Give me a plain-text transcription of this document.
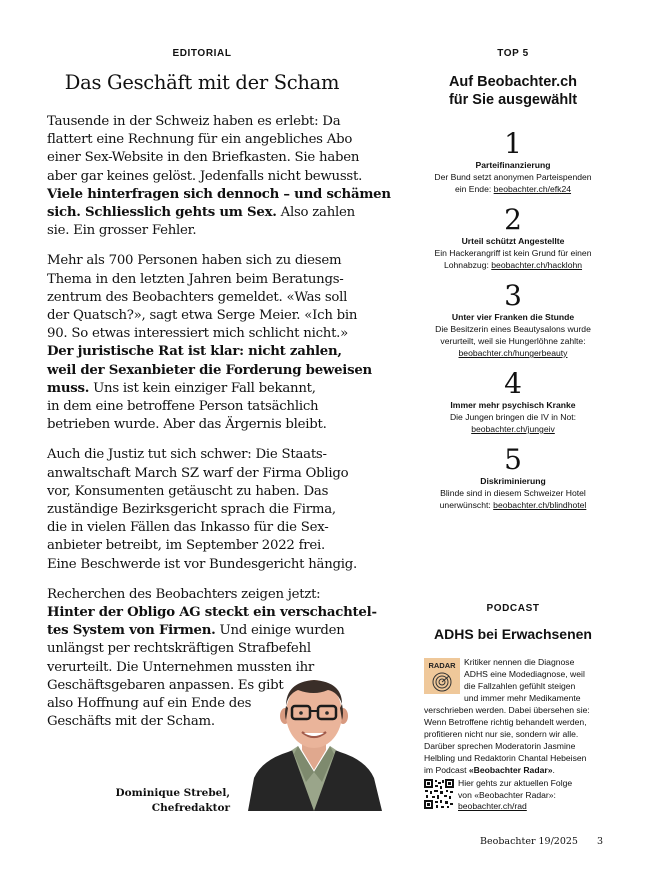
EDITORIAL
Das Geschäft mit der Scham
Tausende in der Schweiz haben es erlebt: Da
flattert eine Rechnung für ein angebliches Abo
einer Sex-Website in den Briefkasten. Sie haben
aber gar keines gelöst. Jedenfalls nicht bewusst.
Viele hinterfragen sich dennoch – und schämen
sich. Schliesslich gehts um Sex. Also zahlen
sie. Ein grosser Fehler.
Mehr als 700 Personen haben sich zu diesem
Thema in den letzten Jahren beim Beratungs-
zentrum des Beobachters gemeldet. «Was soll
der Quatsch?», sagt etwa Serge Meier. «Ich bin
90. So etwas interessiert mich schlicht nicht.»
Der juristische Rat ist klar: nicht zahlen,
weil der Sexanbieter die Forderung beweisen
muss. Uns ist kein einziger Fall bekannt,
in dem eine betroffene Person tatsächlich
betrieben wurde. Aber das Ärgernis bleibt.
Auch die Justiz tut sich schwer: Die Staats-
anwaltschaft March SZ warf der Firma Obligo
vor, Konsumenten getäuscht zu haben. Das
zuständige Bezirksgericht sprach die Firma,
die in vielen Fällen das Inkasso für die Sex-
anbieter betreibt, im September 2022 frei.
Eine Beschwerde ist vor Bundesgericht hängig.
Recherchen des Beobachters zeigen jetzt:
Hinter der Obligo AG steckt ein verschachtel-
tes System von Firmen. Und einige wurden
unlängst per rechtskräftigen Strafbefehl
verurteilt. Die Unternehmen mussten ihr
Geschäftsgebaren anpassen. Es gibt
also Hoffnung auf ein Ende des
Geschäfts mit der Scham.
Dominique Strebel,
Chefredaktor
TOP 5
Auf Beobachter.ch
für Sie ausgewählt
1
Parteifinanzierung
Der Bund setzt anonymen Parteispenden
ein Ende: beobachter.ch/efk24
2
Urteil schützt Angestellte
Ein Hackerangriff ist kein Grund für einen
Lohnabzug: beobachter.ch/hacklohn
3
Unter vier Franken die Stunde
Die Besitzerin eines Beautysalons wurde
verurteilt, weil sie Hungerlöhne zahlte:
beobachter.ch/hungerbeauty
4
Immer mehr psychisch Kranke
Die Jungen bringen die IV in Not:
beobachter.ch/jungeiv
5
Diskriminierung
Blinde sind in diesem Schweizer Hotel
unerwünscht: beobachter.ch/blindhotel
PODCAST
ADHS bei Erwachsenen
RADAR Kritiker nennen die Diagnose
ADHS eine Modediagnose, weil
die Fallzahlen gefühlt steigen
und immer mehr Medikamente
verschrieben werden. Dabei übersehen sie:
Wenn Betroffene richtig behandelt werden,
profitieren nicht nur sie, sondern wir alle.
Darüber sprechen Moderatorin Jasmine
Helbling und Redaktorin Chantal Hebeisen
im Podcast «Beobachter Radar».
Hier gehts zur aktuellen Folge
von «Beobachter Radar»:
beobachter.ch/rad
Beobachter 19/2025 3
